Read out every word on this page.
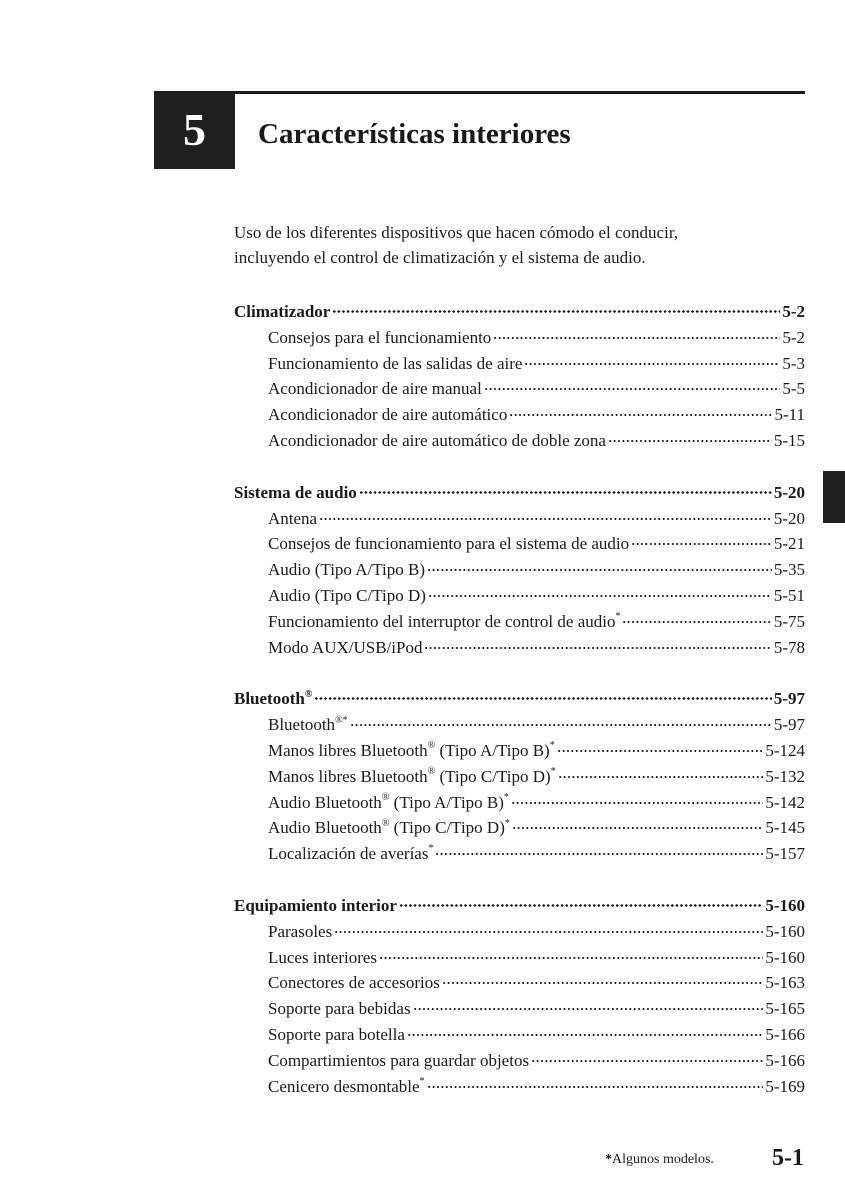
5	Características interiores
Uso de los diferentes dispositivos que hacen cómodo el conducir,
incluyendo el control de climatización y el sistema de audio.
Climatizador	5-2
Consejos para el funcionamiento	5-2
Funcionamiento de las salidas de aire	5-3
Acondicionador de aire manual	5-5
Acondicionador de aire automático	5-11
Acondicionador de aire automático de doble zona	5-15
Sistema de audio	5-20
Antena	5-20
Consejos de funcionamiento para el sistema de audio	5-21
Audio (Tipo A/Tipo B)	5-35
Audio (Tipo C/Tipo D)	5-51
Funcionamiento del interruptor de control de audio*	5-75
Modo AUX/USB/iPod	5-78
Bluetooth®	5-97
Bluetooth®*	5-97
Manos libres Bluetooth® (Tipo A/Tipo B)*	5-124
Manos libres Bluetooth® (Tipo C/Tipo D)*	5-132
Audio Bluetooth® (Tipo A/Tipo B)*	5-142
Audio Bluetooth® (Tipo C/Tipo D)*	5-145
Localización de averías*	5-157
Equipamiento interior	5-160
Parasoles	5-160
Luces interiores	5-160
Conectores de accesorios	5-163
Soporte para bebidas	5-165
Soporte para botella	5-166
Compartimientos para guardar objetos	5-166
Cenicero desmontable*	5-169
*Algunos modelos. 5-1
